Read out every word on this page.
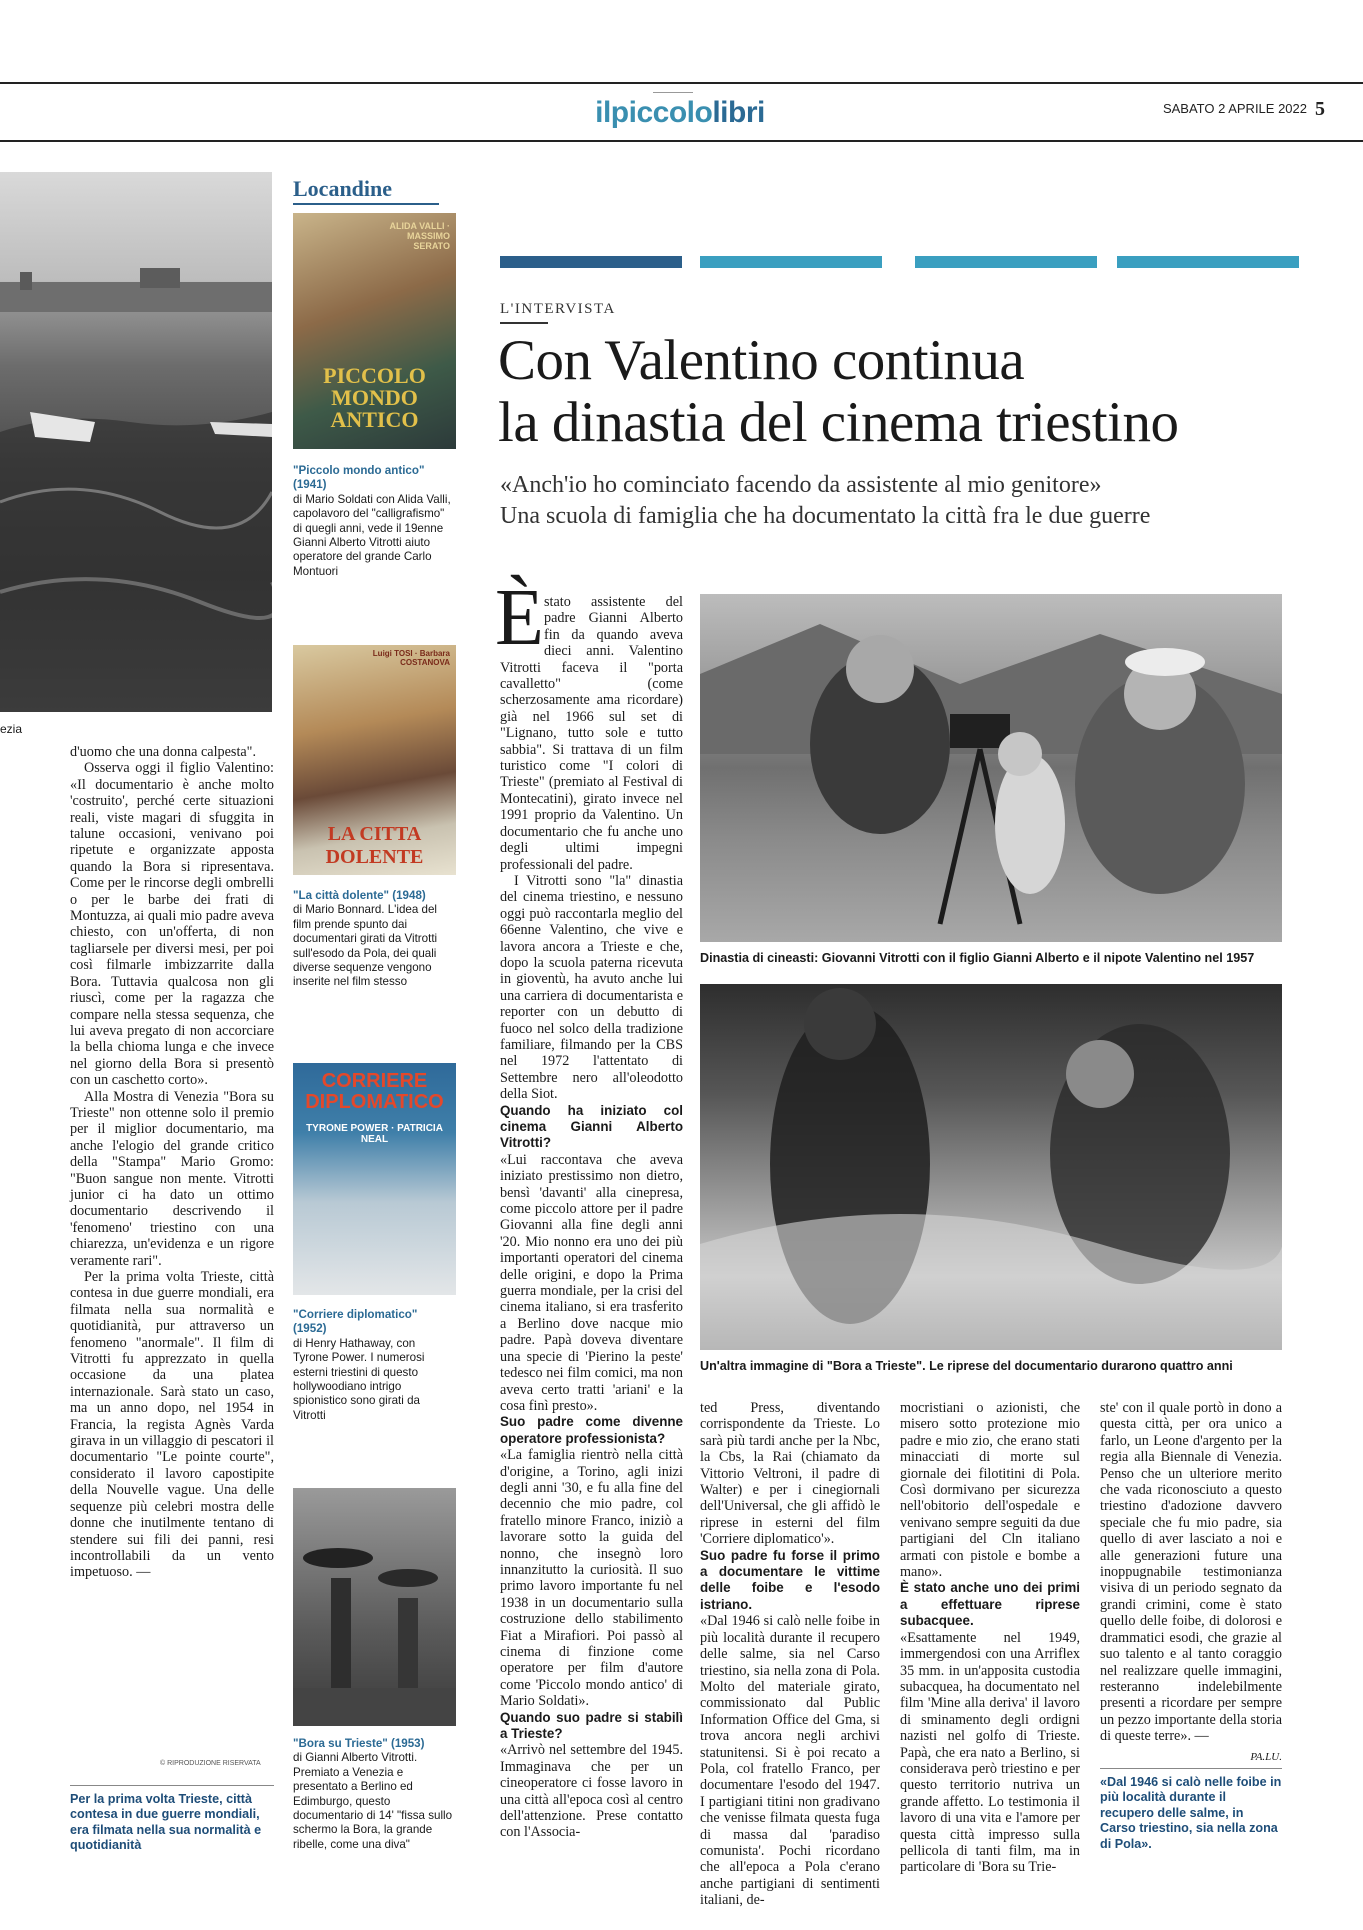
ilpiccololibri	SABATO 2 APRILE 2022 5
ezia

d'uomo che una donna calpesta".

Osserva oggi il figlio Valentino: «Il documentario è anche molto 'costruito', perché certe situazioni reali, viste magari di sfuggita in talune occasioni, venivano poi ripetute e organizzate apposta quando la Bora si ripresentava. Come per le rincorse degli ombrelli o per le barbe dei frati di Montuzza, ai quali mio padre aveva chiesto, con un'offerta, di non tagliarsele per diversi mesi, per poi così filmarle imbizzarrite dalla Bora. Tuttavia qualcosa non gli riuscì, come per la ragazza che compare nella stessa sequenza, che lui aveva pregato di non accorciare la bella chioma lunga e che invece nel giorno della Bora si presentò con un caschetto corto».

Alla Mostra di Venezia "Bora su Trieste" non ottenne solo il premio per il miglior documentario, ma anche l'elogio del grande critico della "Stampa" Mario Gromo: "Buon sangue non mente. Vitrotti junior ci ha dato un ottimo documentario descrivendo il 'fenomeno' triestino con una chiarezza, un'evidenza e un rigore veramente rari".

Per la prima volta Trieste, città contesa in due guerre mondiali, era filmata nella sua normalità e quotidianità, pur attraverso un fenomeno "anormale". Il film di Vitrotti fu apprezzato in quella occasione da una platea internazionale. Sarà stato un caso, ma un anno dopo, nel 1954 in Francia, la regista Agnès Varda girava in un villaggio di pescatori il documentario "Le pointe courte", considerato il lavoro capostipite della Nouvelle vague. Una delle sequenze più celebri mostra delle donne che inutilmente tentano di stendere sui fili dei panni, resi incontrollabili da un vento impetuoso. —

© RIPRODUZIONE RISERVATA
Per la prima volta Trieste, città contesa in due guerre mondiali, era filmata nella sua normalità e quotidianità
Locandine
ALIDA VALLI · MASSIMO SERATO
PICCOLO MONDO ANTICO
"Piccolo mondo antico" (1941)
di Mario Soldati con Alida Valli, capolavoro del "calligrafismo" di quegli anni, vede il 19enne Gianni Alberto Vitrotti aiuto operatore del grande Carlo Montuori
Luigi TOSI · Barbara COSTANOVA
LA CITTA DOLENTE
"La città dolente" (1948)
di Mario Bonnard. L'idea del film prende spunto dai documentari girati da Vitrotti sull'esodo da Pola, dei quali diverse sequenze vengono inserite nel film stesso
CORRIERE DIPLOMATICO
TYRONE POWER · PATRICIA NEAL
"Corriere diplomatico" (1952)
di Henry Hathaway, con Tyrone Power. I numerosi esterni triestini di questo hollywoodiano intrigo spionistico sono girati da Vitrotti
"Bora su Trieste" (1953)
di Gianni Alberto Vitrotti. Premiato a Venezia e presentato a Berlino ed Edimburgo, questo documentario di 14' "fissa sullo schermo la Bora, la grande ribelle, come una diva"
L'INTERVISTA
Con Valentino continua
la dinastia del cinema triestino
«Anch'io ho cominciato facendo da assistente al mio genitore»
Una scuola di famiglia che ha documentato la città fra le due guerre
Dinastia di cineasti: Giovanni Vitrotti con il figlio Gianni Alberto e il nipote Valentino nel 1957
Un'altra immagine di "Bora a Trieste". Le riprese del documentario durarono quattro anni
È stato assistente del padre Gianni Alberto fin da quando aveva dieci anni. Valentino Vitrotti faceva il "porta cavalletto" (come scherzosamente ama ricordare) già nel 1966 sul set di "Lignano, tutto sole e tutto sabbia". Si trattava di un film turistico come "I colori di Trieste" (premiato al Festival di Montecatini), girato invece nel 1991 proprio da Valentino. Un documentario che fu anche uno degli ultimi impegni professionali del padre.

I Vitrotti sono "la" dinastia del cinema triestino, e nessuno oggi può raccontarla meglio del 66enne Valentino, che vive e lavora ancora a Trieste e che, dopo la scuola paterna ricevuta in gioventù, ha avuto anche lui una carriera di documentarista e reporter con un debutto di fuoco nel solco della tradizione familiare, filmando per la CBS nel 1972 l'attentato di Settembre nero all'oleodotto della Siot.

Quando ha iniziato col cinema Gianni Alberto Vitrotti?

«Lui raccontava che aveva iniziato prestissimo non dietro, bensì 'davanti' alla cinepresa, come piccolo attore per il padre Giovanni alla fine degli anni '20. Mio nonno era uno dei più importanti operatori del cinema delle origini, e dopo la Prima guerra mondiale, per la crisi del cinema italiano, si era trasferito a Berlino dove nacque mio padre. Papà doveva diventare una specie di 'Pierino la peste' tedesco nei film comici, ma non aveva certo tratti 'ariani' e la cosa finì presto».

Suo padre come divenne operatore professionista?

«La famiglia rientrò nella città d'origine, a Torino, agli inizi degli anni '30, e fu alla fine del decennio che mio padre, col fratello minore Franco, iniziò a lavorare sotto la guida del nonno, che insegnò loro innanzitutto la curiosità. Il suo primo lavoro importante fu nel 1938 in un documentario sulla costruzione dello stabilimento Fiat a Mirafiori. Poi passò al cinema di finzione come operatore per film d'autore come 'Piccolo mondo antico' di Mario Soldati».

Quando suo padre si stabilì a Trieste?

«Arrivò nel settembre del 1945. Immaginava che per un cineoperatore ci fosse lavoro in una città all'epoca così al centro dell'attenzione. Prese contatto con l'Associa-

ted Press, diventando corrispondente da Trieste. Lo sarà più tardi anche per la Nbc, la Cbs, la Rai (chiamato da Vittorio Veltroni, il padre di Walter) e per i cinegiornali dell'Universal, che gli affidò le riprese in esterni del film 'Corriere diplomatico'».

Suo padre fu forse il primo a documentare le vittime delle foibe e l'esodo istriano.

«Dal 1946 si calò nelle foibe in più località durante il recupero delle salme, sia nel Carso triestino, sia nella zona di Pola. Molto del materiale girato, commissionato dal Public Information Office del Gma, si trova ancora negli archivi statunitensi. Si è poi recato a Pola, col fratello Franco, per documentare l'esodo del 1947. I partigiani titini non gradivano che venisse filmata questa fuga di massa dal 'paradiso comunista'. Pochi ricordano che all'epoca a Pola c'erano anche partigiani di sentimenti italiani, de-

mocristiani o azionisti, che misero sotto protezione mio padre e mio zio, che erano stati minacciati di morte sul giornale dei filotitini di Pola. Così dormivano per sicurezza nell'obitorio dell'ospedale e venivano sempre seguiti da due partigiani del Cln italiano armati con pistole e bombe a mano».

È stato anche uno dei primi a effettuare riprese subacquee.

«Esattamente nel 1949, immergendosi con una Arriflex 35 mm. in un'apposita custodia subacquea, ha documentato nel film 'Mine alla deriva' il lavoro di sminamento degli ordigni nazisti nel golfo di Trieste. Papà, che era nato a Berlino, si considerava però triestino e per questo territorio nutriva un grande affetto. Lo testimonia il lavoro di una vita e l'amore per questa città impresso sulla pellicola di tanti film, ma in particolare di 'Bora su Trie-

ste' con il quale portò in dono a questa città, per ora unico a farlo, un Leone d'argento per la regia alla Biennale di Venezia. Penso che un ulteriore merito che vada riconosciuto a questo triestino d'adozione davvero speciale che fu mio padre, sia quello di aver lasciato a noi e alle generazioni future una inoppugnabile testimonianza visiva di un periodo segnato da grandi crimini, come è stato quello delle foibe, di dolorosi e drammatici esodi, che grazie al suo talento e al tanto coraggio nel realizzare quelle immagini, resteranno indelebilmente presenti a ricordare per sempre un pezzo importante della storia di queste terre». —

PA.LU.
«Dal 1946 si calò nelle foibe in più località durante il recupero delle salme, in Carso triestino, sia nella zona di Pola».
